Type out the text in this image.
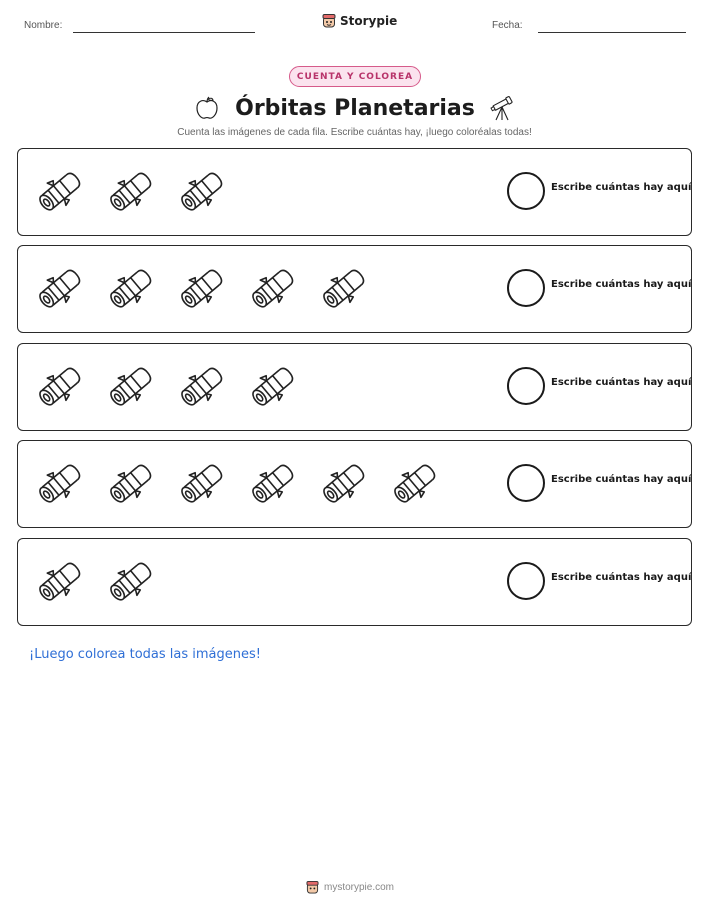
Nombre:	Storypie	Fecha:
CUENTA Y COLOREA
Órbitas Planetarias
Cuenta las imágenes de cada fila. Escribe cuántas hay, ¡luego coloréalas todas!
Escribe cuántas hay aquí
Escribe cuántas hay aquí
Escribe cuántas hay aquí
Escribe cuántas hay aquí
Escribe cuántas hay aquí
¡Luego colorea todas las imágenes!
mystorypie.com
